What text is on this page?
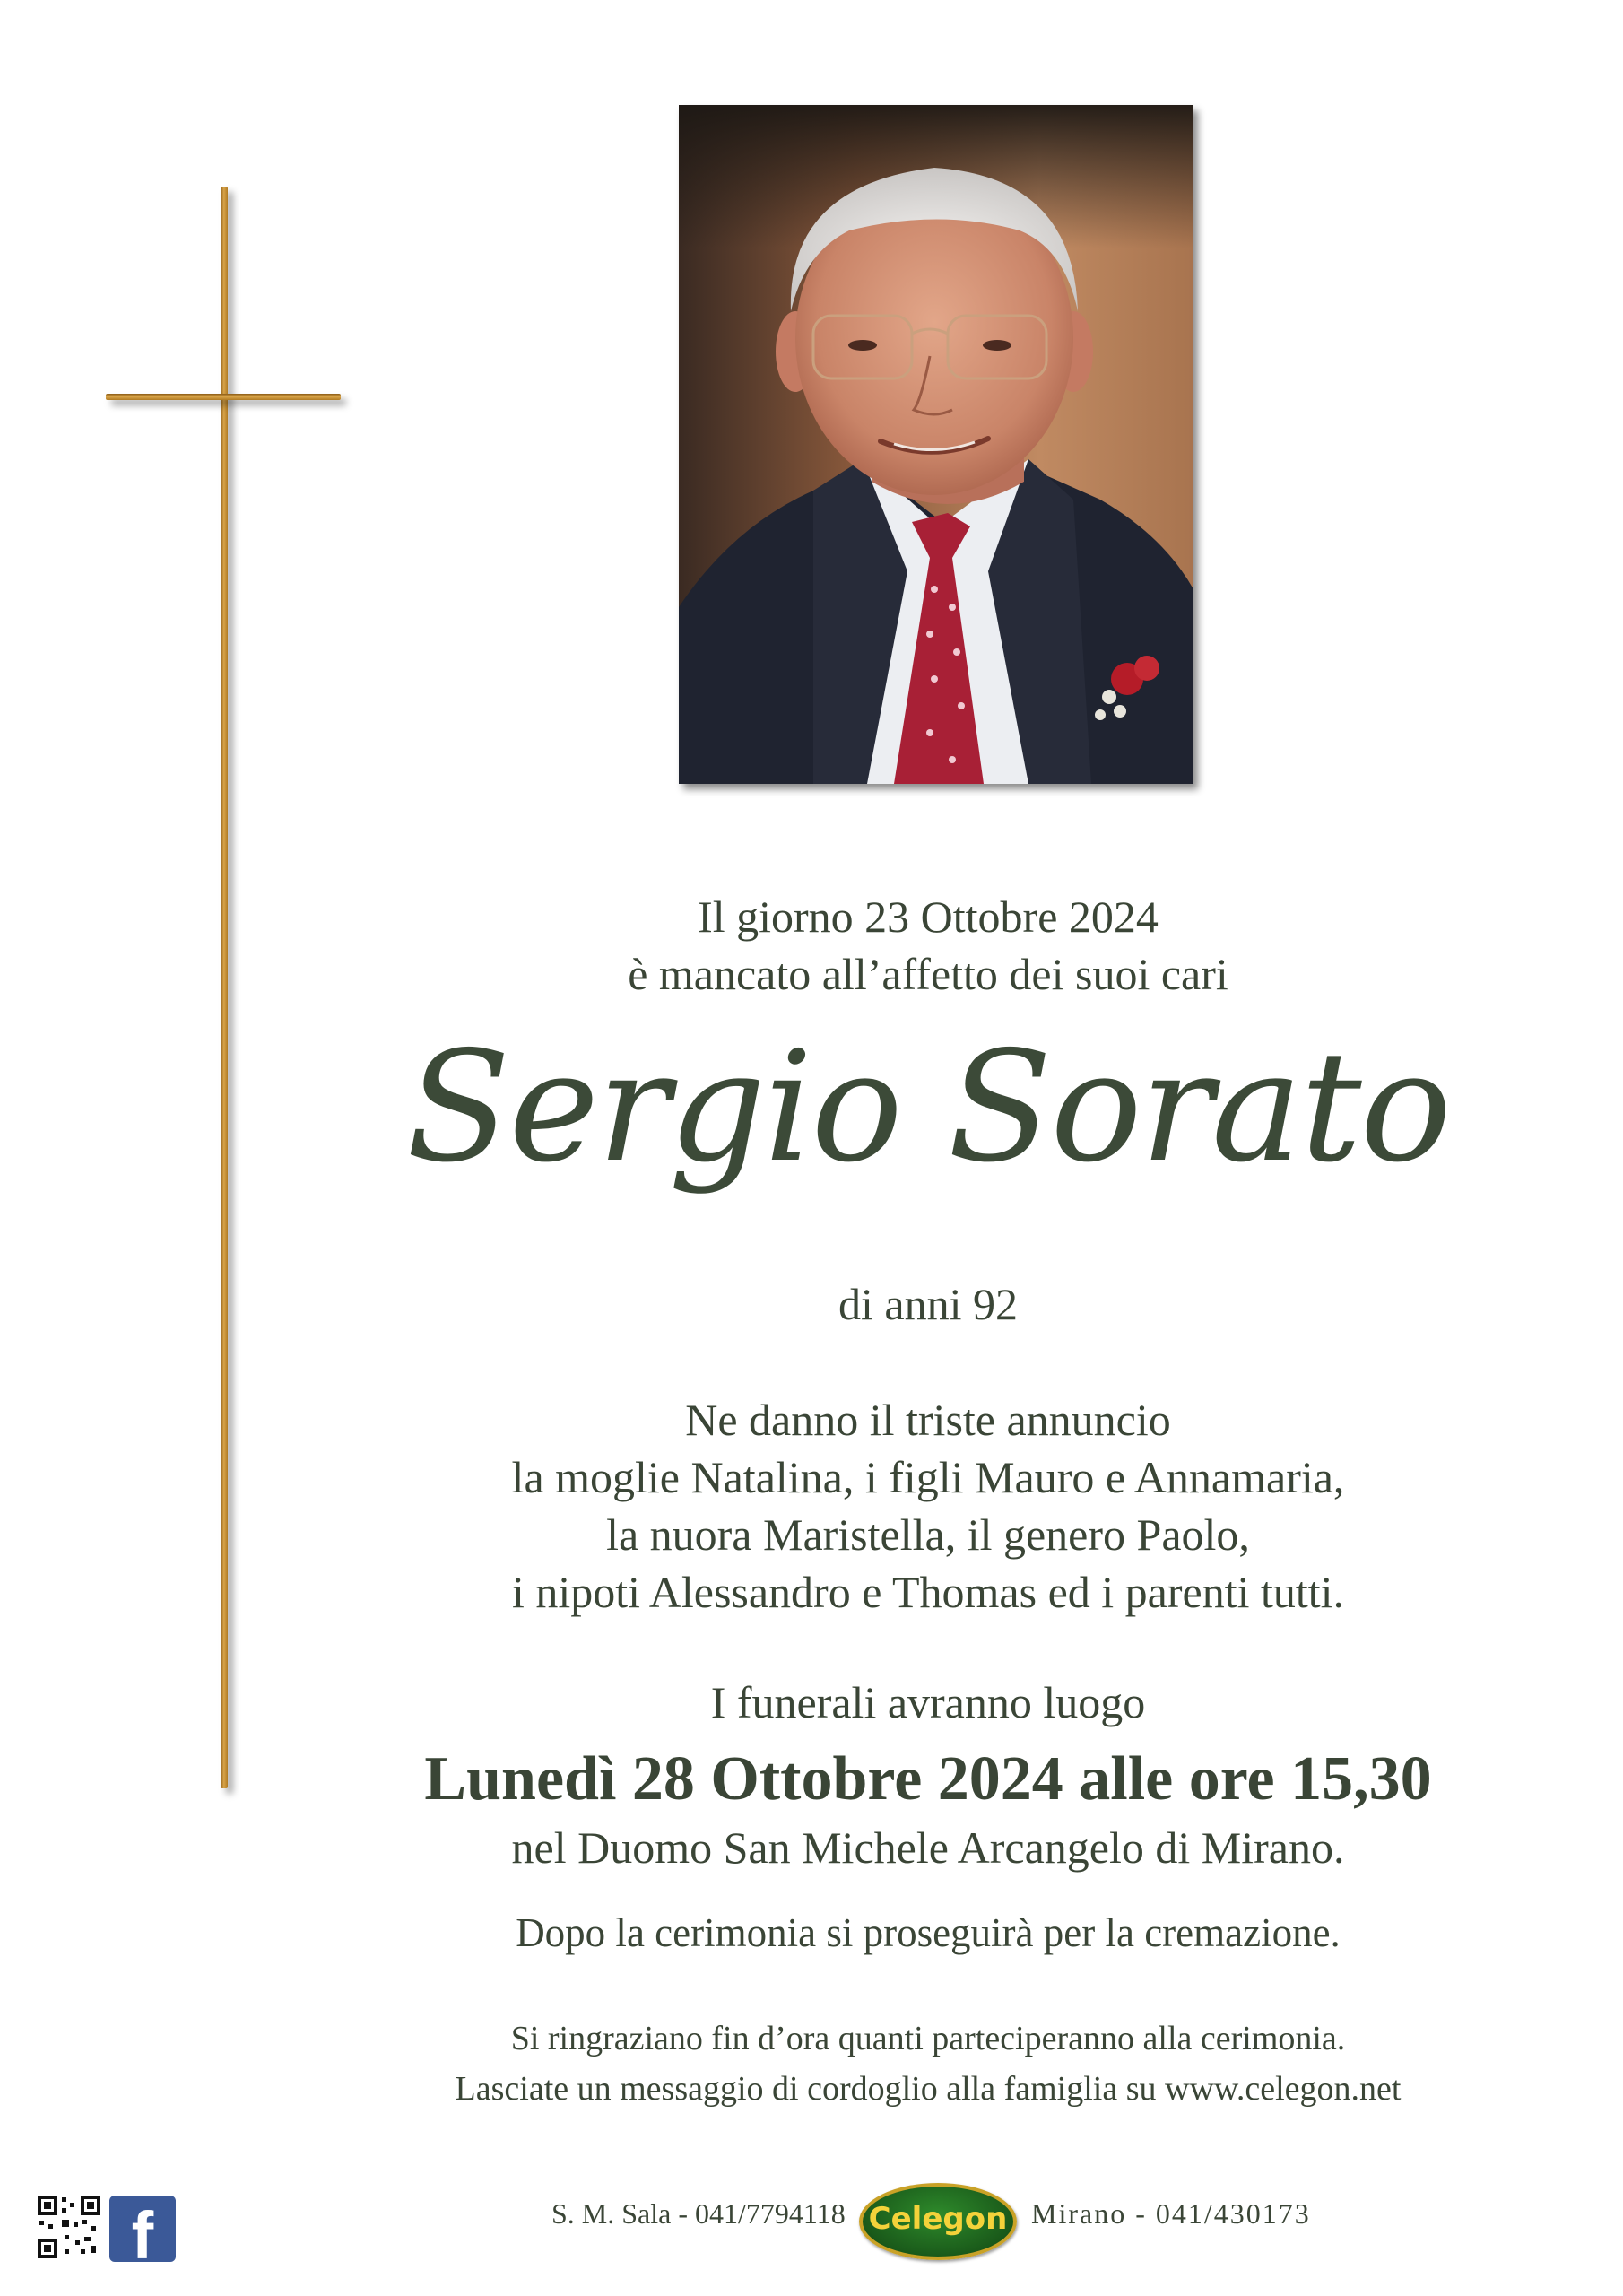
Il giorno 23 Ottobre 2024
è mancato all’affetto dei suoi cari
Sergio Sorato
di anni 92
Ne danno il triste annuncio
la moglie Natalina, i figli Mauro e Annamaria,
la nuora Maristella, il genero Paolo,
i nipoti Alessandro e Thomas ed i parenti tutti.
I funerali avranno luogo
Lunedì 28 Ottobre 2024 alle ore 15,30
nel Duomo San Michele Arcangelo di Mirano.
Dopo la cerimonia si proseguirà per la cremazione.
Si ringraziano fin d’ora quanti parteciperanno alla cerimonia.
Lasciate un messaggio di cordoglio alla famiglia su www.celegon.net
f	S. M. Sala - 041/7794118 Celegon Mirano - 041/430173
